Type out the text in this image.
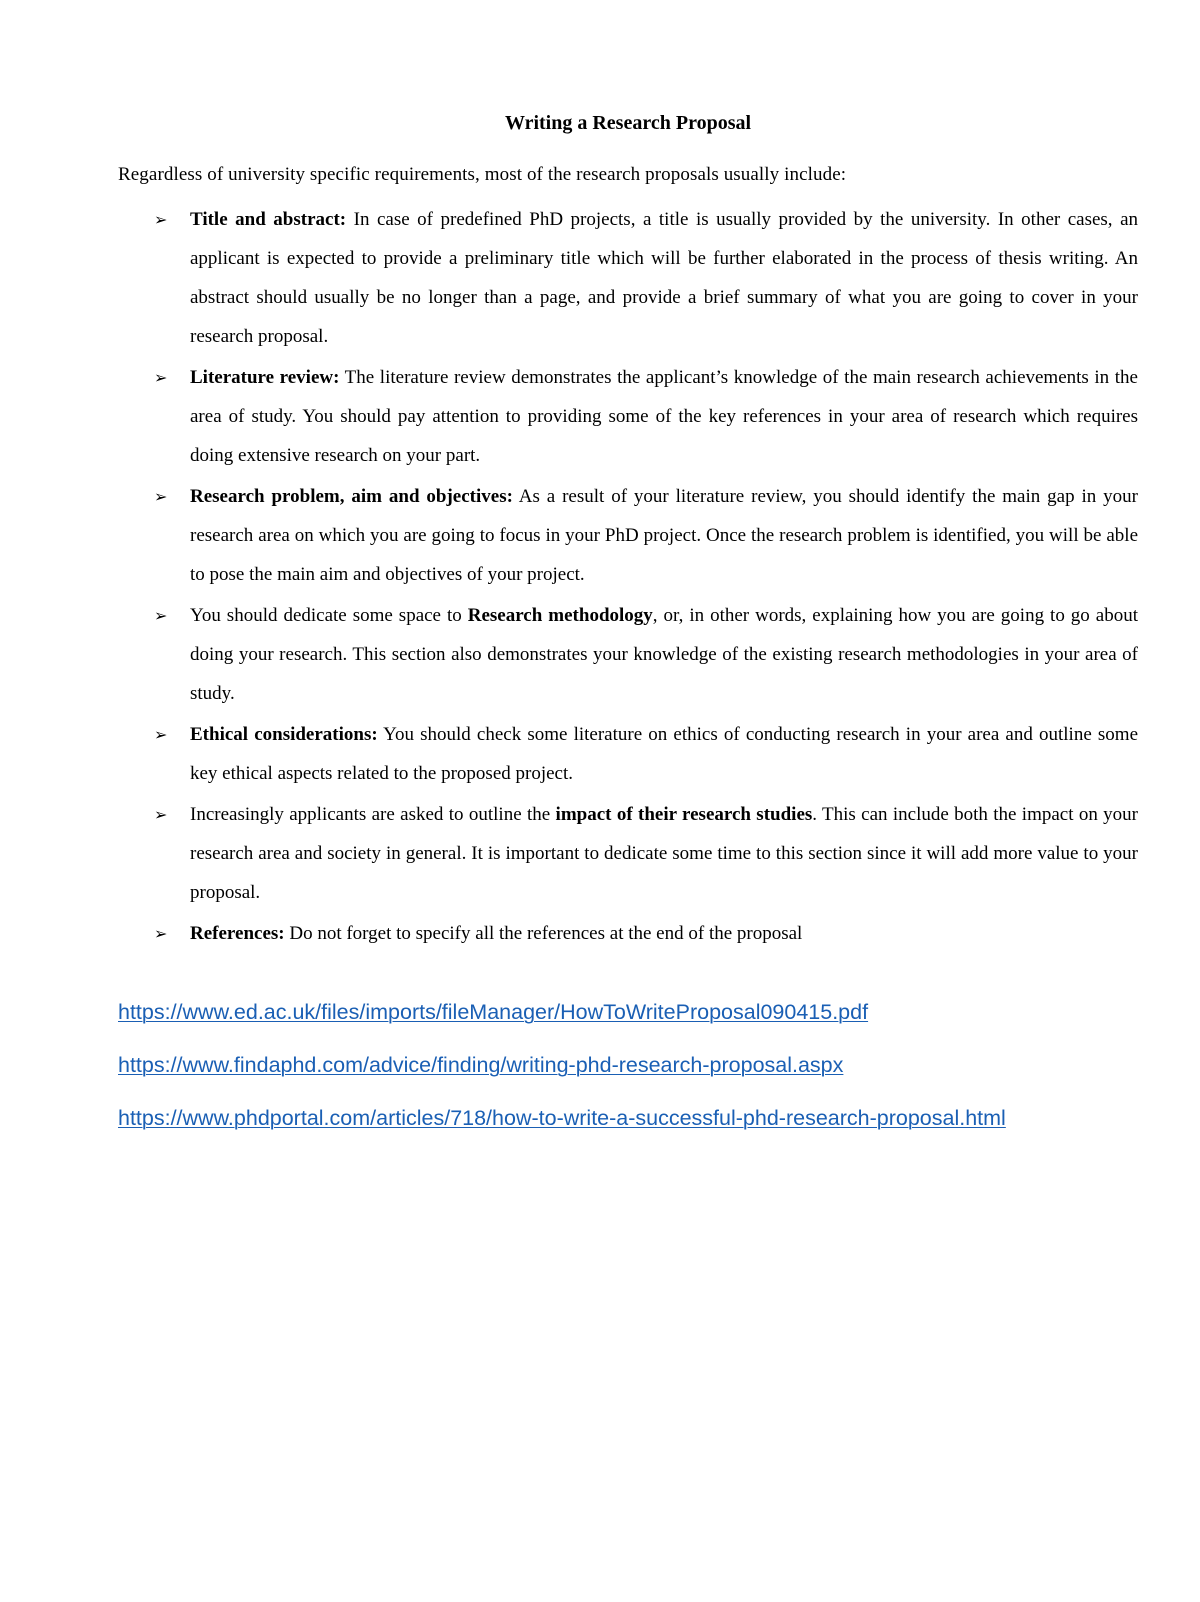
Writing a Research Proposal
Regardless of university specific requirements, most of the research proposals usually include:
➢ Title and abstract: In case of predefined PhD projects, a title is usually provided by the university. In other cases, an applicant is expected to provide a preliminary title which will be further elaborated in the process of thesis writing. An abstract should usually be no longer than a page, and provide a brief summary of what you are going to cover in your research proposal.
➢ Literature review: The literature review demonstrates the applicant’s knowledge of the main research achievements in the area of study. You should pay attention to providing some of the key references in your area of research which requires doing extensive research on your part.
➢ Research problem, aim and objectives: As a result of your literature review, you should identify the main gap in your research area on which you are going to focus in your PhD project. Once the research problem is identified, you will be able to pose the main aim and objectives of your project.
➢ You should dedicate some space to Research methodology, or, in other words, explaining how you are going to go about doing your research. This section also demonstrates your knowledge of the existing research methodologies in your area of study.
➢ Ethical considerations: You should check some literature on ethics of conducting research in your area and outline some key ethical aspects related to the proposed project.
➢ Increasingly applicants are asked to outline the impact of their research studies. This can include both the impact on your research area and society in general. It is important to dedicate some time to this section since it will add more value to your proposal.
➢ References: Do not forget to specify all the references at the end of the proposal
https://www.ed.ac.uk/files/imports/fileManager/HowToWriteProposal090415.pdf
https://www.findaphd.com/advice/finding/writing-phd-research-proposal.aspx
https://www.phdportal.com/articles/718/how-to-write-a-successful-phd-research-proposal.html
